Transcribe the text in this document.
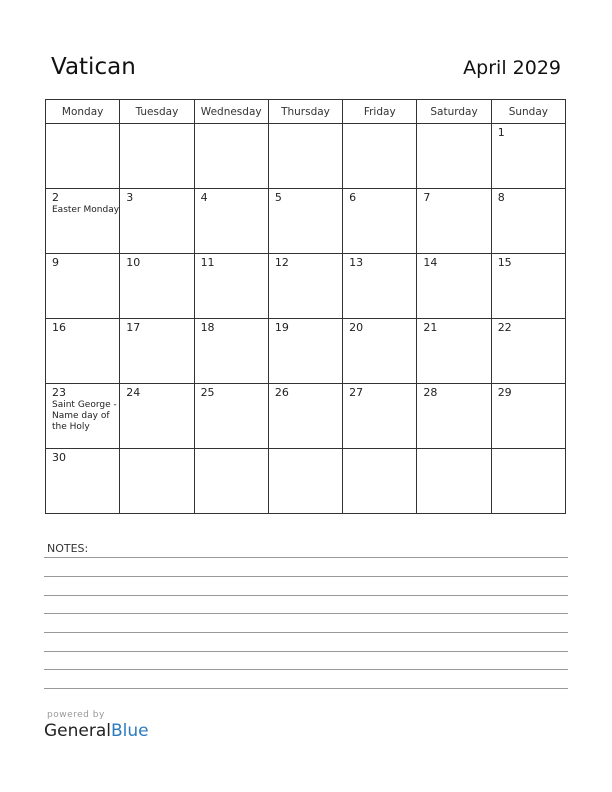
Vatican	April 2029
Monday	Tuesday	Wednesday	Thursday	Friday	Saturday	Sunday

						1

2
Easter Monday	3	4	5	6	7	8

9	10	11	12	13	14	15

16	17	18	19	20	21	22

23
Saint George - Name day of the Holy	24	25	26	27	28	29

30						

NOTES:
powered by
GeneralBlue
